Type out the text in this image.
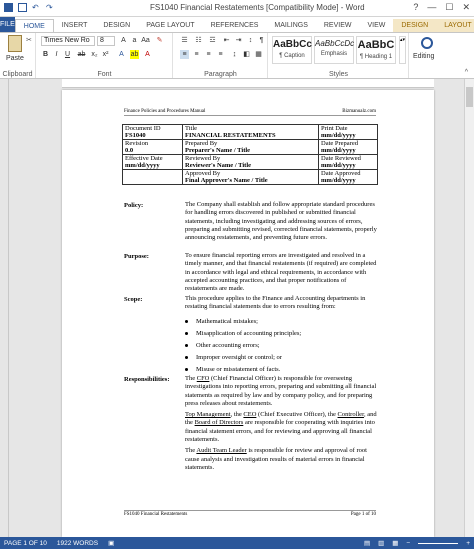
↶ ↷	FS1040 Financial Restatements [Compatibility Mode] - Word	? — ☐ ✕
FILE	HOME	INSERT	DESIGN	PAGE LAYOUT	REFERENCES	MAILINGS	REVIEW	VIEW	DESIGN	LAYOUT
Paste
✂
Clipboard
Times New Ro	8	A a Aa ✎
B	I	U ab x₂ x²	A ab A
Font
☰ ☷ ☲ ⇤ ⇥	↕	¶
≡	≡	≡	≡	↨ ◧ ▦
Paragraph
AaBbCc
¶ Caption
AaBbCcDc
Emphasis
AaBbC
¶ Heading 1
▴▾
Styles
Editing
^
Finance Policies and Procedures Manual	Bizmanualz.com
Document ID
FS1040	Title
FINANCIAL RESTATEMENTS	Print Date
mm/dd/yyyy

Revision
0.0	Prepared By
Preparer's Name / Title	Date Prepared
mm/dd/yyyy

Effective Date
mm/dd/yyyy	Reviewed By
Reviewer's Name / Title	Date Reviewed
mm/dd/yyyy

	Approved By
Final Approver's Name / Title	Date Approved
mm/dd/yyyy
Policy:	The Company shall establish and follow appropriate standard procedures for handling errors discovered in published or submitted financial statements, including investigating and addressing sources of errors, preparing and submitting revised, corrected financial statements, properly announcing restatements, and preventing future errors.
Purpose:	To ensure financial reporting errors are investigated and resolved in a timely manner, and that financial restatements (if required) are completed in accordance with legal and ethical requirements, in accordance with accepted accounting practices, and that proper notifications of restatements are made.
Scope:	This procedure applies to the Finance and Accounting departments in restating financial statements due to errors resulting from:
Mathematical mistakes;
Misapplication of accounting principles;
Other accounting errors;
Improper oversight or control; or
Misuse or misstatement of facts.
Responsibilities: The CFO (Chief Financial Officer) is responsible for overseeing investigations into reporting errors, preparing and submitting all financial statements as required by law and by company policy, and for preparing press releases about restatements.

Top Management, the CEO (Chief Executive Officer), the Controller, and the Board of Directors are responsible for cooperating with inquiries into financial statement errors, and for reviewing and approving all financial restatements.

The Audit Team Leader is responsible for review and approval of root cause analysis and investigation results of material errors in financial statements.

FS1040 Financial Restatements	Page 1 of 10
PAGE 1 OF 10 1922 WORDS ▣	▤ ▥ ▦ −	+
